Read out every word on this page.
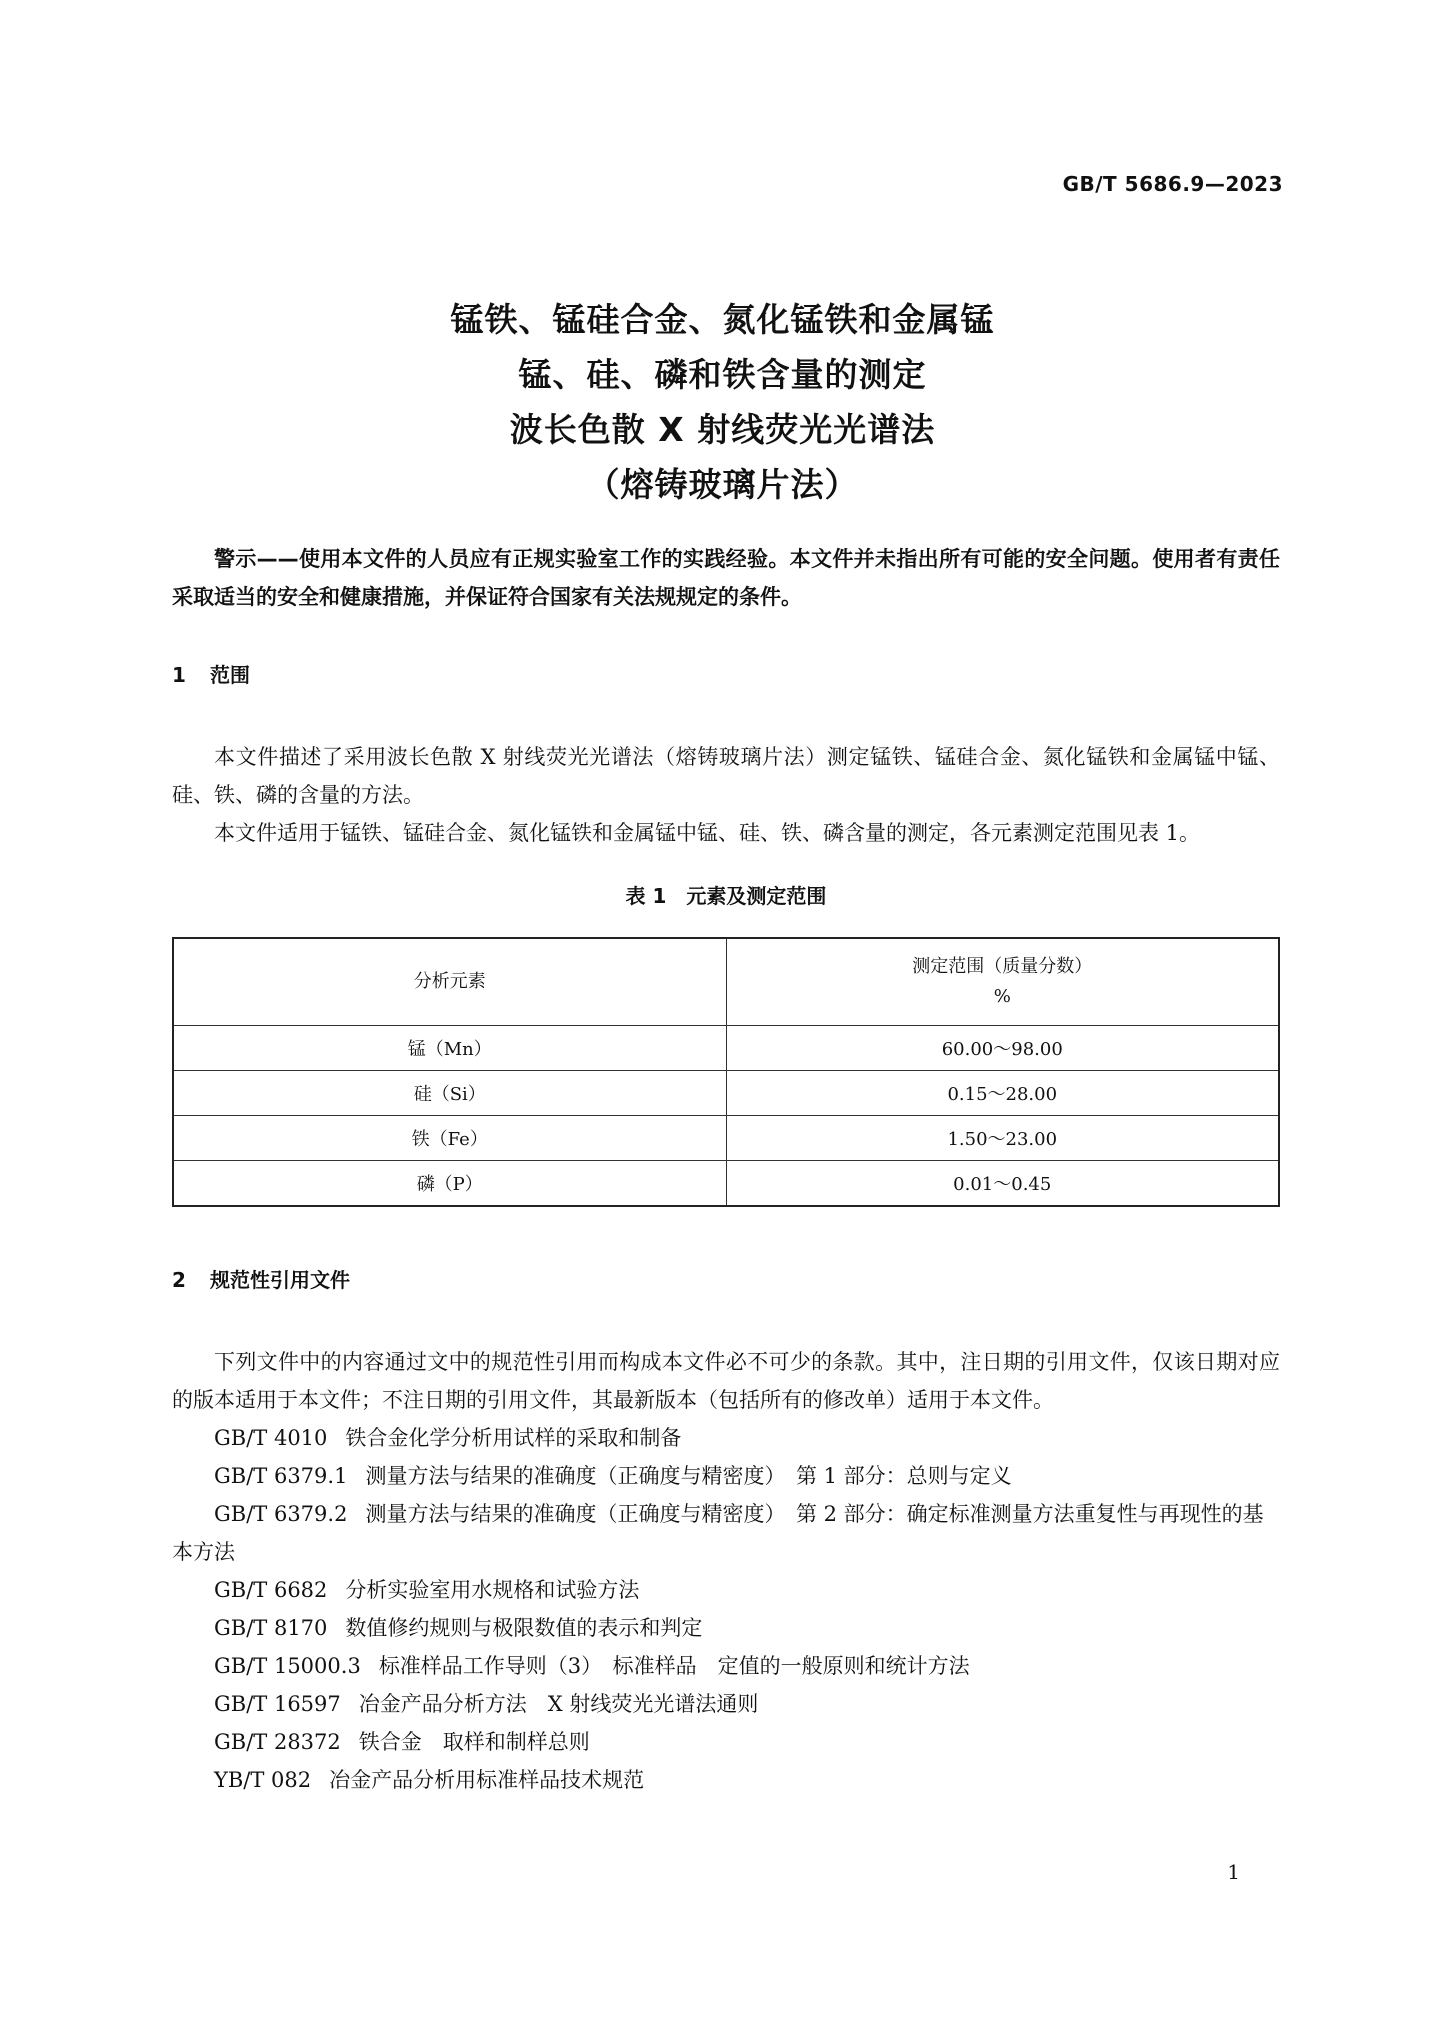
GB/T 5686.9—2023
锰铁、锰硅合金、氮化锰铁和金属锰
锰、硅、磷和铁含量的测定
波长色散 X 射线荧光光谱法
（熔铸玻璃片法）

警示——使用本文件的人员应有正规实验室工作的实践经验。本文件并未指出所有可能的安全问题。使用者有责任采取适当的安全和健康措施，并保证符合国家有关法规规定的条件。

1 范围

本文件描述了采用波长色散 X 射线荧光光谱法（熔铸玻璃片法）测定锰铁、锰硅合金、氮化锰铁和金属锰中锰、硅、铁、磷的含量的方法。

本文件适用于锰铁、锰硅合金、氮化锰铁和金属锰中锰、硅、铁、磷含量的测定，各元素测定范围见表 1。

表 1　元素及测定范围
分析元素	测定范围（质量分数）
%

锰（Mn）	60.00～98.00
硅（Si）	0.15～28.00
铁（Fe）	1.50～23.00
磷（P）	0.01～0.45
2 规范性引用文件

下列文件中的内容通过文中的规范性引用而构成本文件必不可少的条款。其中，注日期的引用文件，仅该日期对应的版本适用于本文件；不注日期的引用文件，其最新版本（包括所有的修改单）适用于本文件。

GB/T 4010 铁合金化学分析用试样的采取和制备
GB/T 6379.1 测量方法与结果的准确度（正确度与精密度）　第 1 部分：总则与定义
GB/T 6379.2 测量方法与结果的准确度（正确度与精密度）　第 2 部分：确定标准测量方法重复性与再现性的基本方法
GB/T 6682 分析实验室用水规格和试验方法
GB/T 8170 数值修约规则与极限数值的表示和判定
GB/T 15000.3 标准样品工作导则（3）　标准样品　定值的一般原则和统计方法
GB/T 16597 冶金产品分析方法　X 射线荧光光谱法通则
GB/T 28372 铁合金　取样和制样总则
YB/T 082 冶金产品分析用标准样品技术规范
1
